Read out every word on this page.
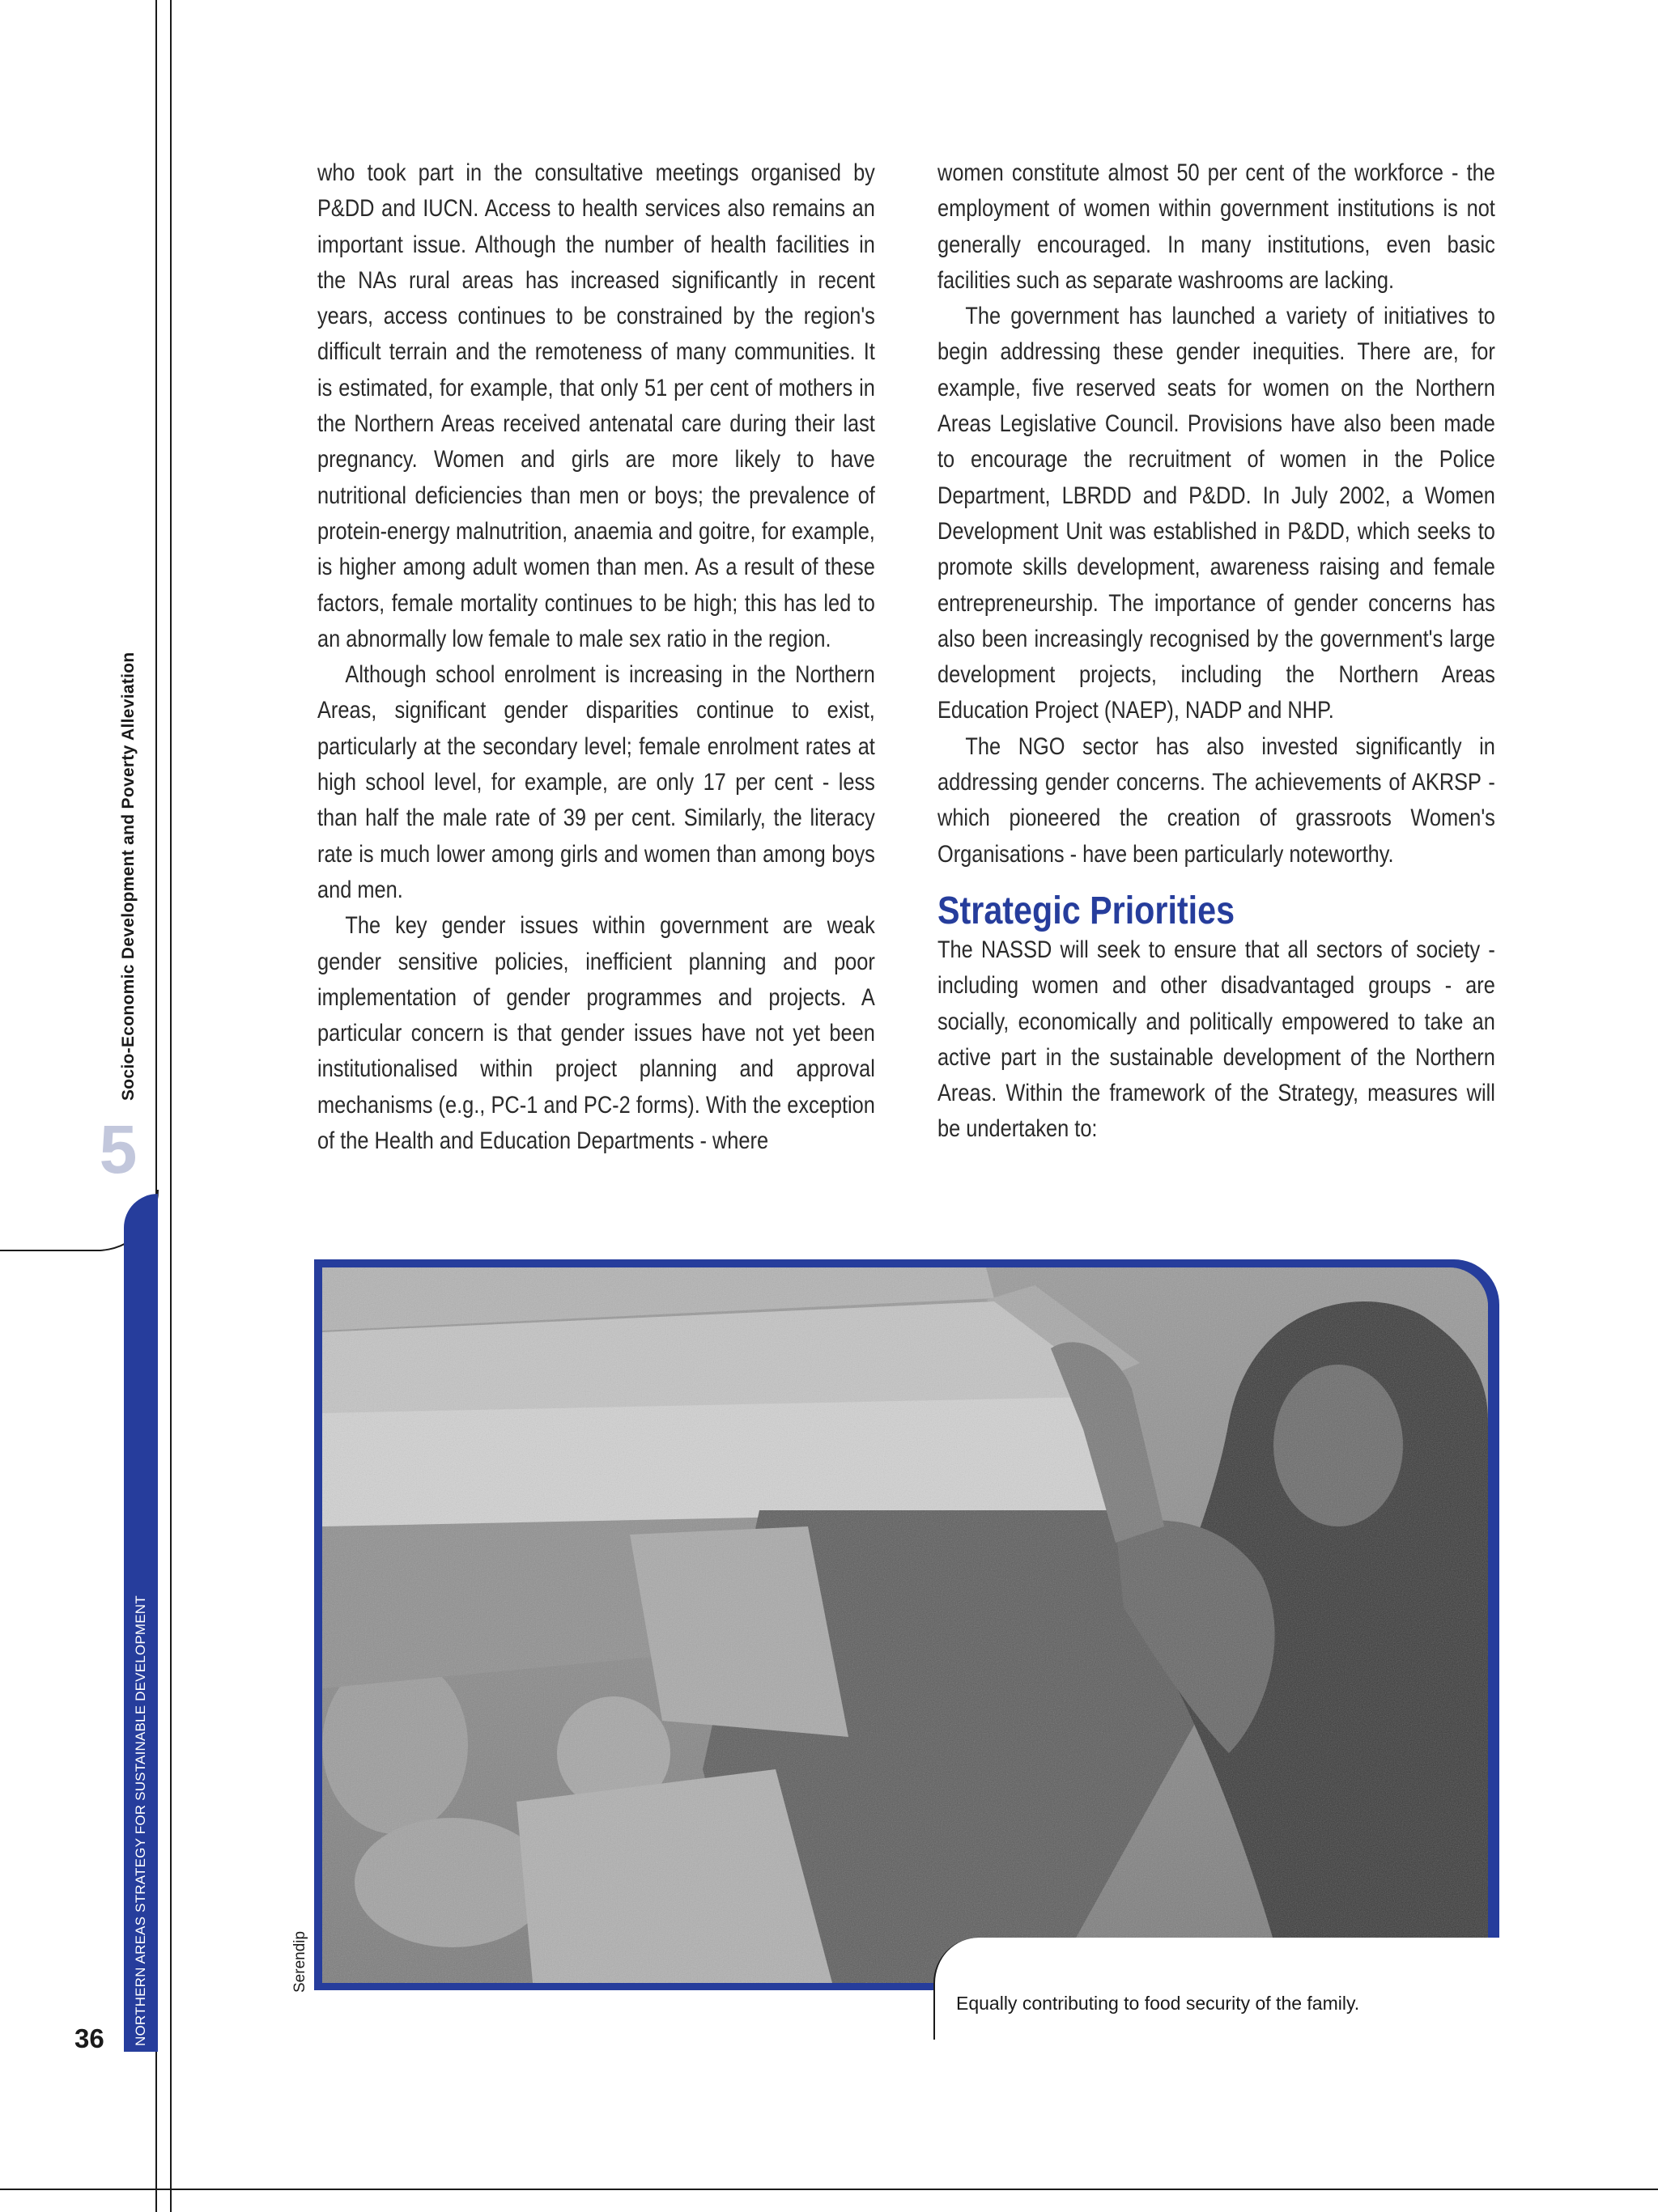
5
Socio-Economic Development and Poverty Alleviation
NORTHERN AREAS STRATEGY FOR SUSTAINABLE DEVELOPMENT
36

who took part in the consultative meetings organised by P&DD and IUCN. Access to health services also remains an important issue. Although the number of health facilities in the NAs rural areas has increased significantly in recent years, access continues to be constrained by the region's difficult terrain and the remoteness of many communities. It is estimated, for example, that only 51 per cent of mothers in the Northern Areas received antenatal care during their last pregnancy. Women and girls are more likely to have nutritional deficiencies than men or boys; the prevalence of protein-energy malnutrition, anaemia and goitre, for example, is higher among adult women than men. As a result of these factors, female mortality continues to be high; this has led to an abnormally low female to male sex ratio in the region.

Although school enrolment is increasing in the Northern Areas, significant gender disparities continue to exist, particularly at the secondary level; female enrolment rates at high school level, for example, are only 17 per cent - less than half the male rate of 39 per cent. Similarly, the literacy rate is much lower among girls and women than among boys and men.

The key gender issues within government are weak gender sensitive policies, inefficient planning and poor implementation of gender programmes and projects. A particular concern is that gender issues have not yet been institutionalised within project planning and approval mechanisms (e.g., PC-1 and PC-2 forms). With the exception of the Health and Education Departments - where

women constitute almost 50 per cent of the workforce - the employment of women within government institutions is not generally encouraged. In many institutions, even basic facilities such as separate washrooms are lacking.

The government has launched a variety of initiatives to begin addressing these gender inequities. There are, for example, five reserved seats for women on the Northern Areas Legislative Council. Provisions have also been made to encourage the recruitment of women in the Police Department, LBRDD and P&DD. In July 2002, a Women Development Unit was established in P&DD, which seeks to promote skills development, awareness raising and female entrepreneurship. The importance of gender concerns has also been increasingly recognised by the government's large development projects, including the Northern Areas Education Project (NAEP), NADP and NHP.

The NGO sector has also invested significantly in addressing gender concerns. The achievements of AKRSP - which pioneered the creation of grassroots Women's Organisations - have been particularly noteworthy.

Strategic Priorities

The NASSD will seek to ensure that all sectors of society - including women and other disadvantaged groups - are socially, economically and politically empowered to take an active part in the sustainable development of the Northern Areas. Within the framework of the Strategy, measures will be undertaken to:

Equally contributing to food security of the family.
Serendip
